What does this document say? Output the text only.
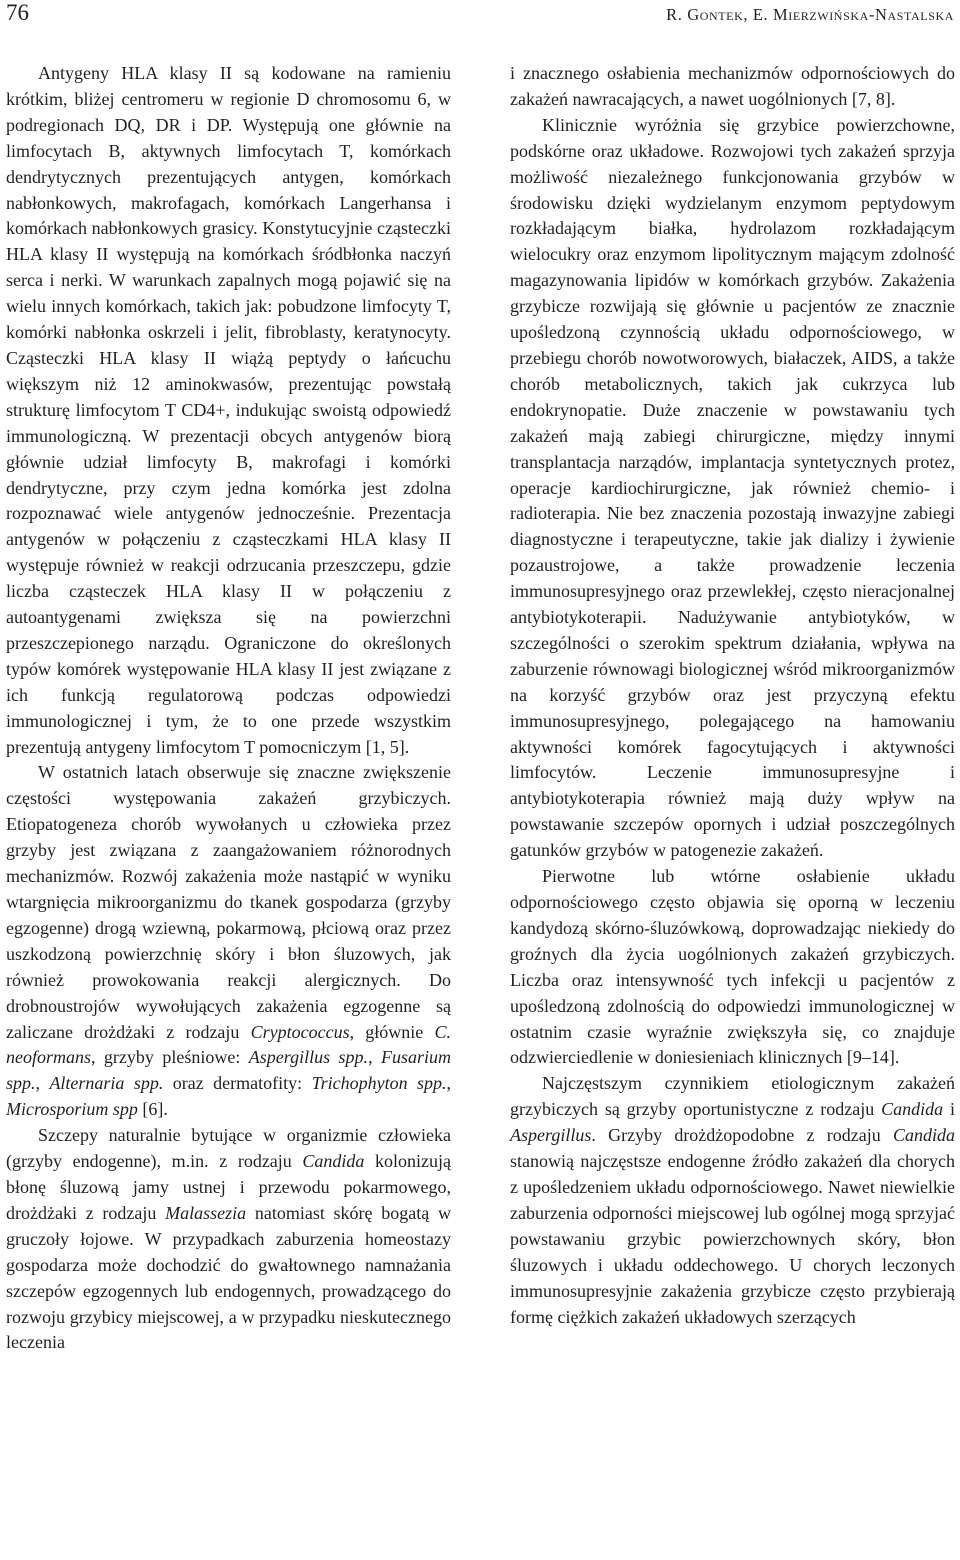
76	R. Gontek, E. Mierzwińska-Nastalska

Antygeny HLA klasy II są kodowane na ramieniu krótkim, bliżej centromeru w regionie D chromosomu 6, w podregionach DQ, DR i DP. Występują one głównie na limfocytach B, aktywnych limfocytach T, komórkach dendrytycznych prezentujących antygen, komórkach nabłonkowych, makrofagach, komórkach Langerhansa i komórkach nabłonkowych grasicy. Konstytucyjnie cząsteczki HLA klasy II występują na komórkach śródbłonka naczyń serca i nerki. W warunkach zapalnych mogą pojawić się na wielu innych komórkach, takich jak: pobudzone limfocyty T, komórki nabłonka oskrzeli i jelit, fibroblasty, keratynocyty. Cząsteczki HLA klasy II wiążą peptydy o łańcuchu większym niż 12 aminokwasów, prezentując powstałą strukturę limfocytom T CD4+, indukując swoistą odpowiedź immunologiczną. W prezentacji obcych antygenów biorą głównie udział limfocyty B, makrofagi i komórki dendrytyczne, przy czym jedna komórka jest zdolna rozpoznawać wiele antygenów jednocześnie. Prezentacja antygenów w połączeniu z cząsteczkami HLA klasy II występuje również w reakcji odrzucania przeszczepu, gdzie liczba cząsteczek HLA klasy II w połączeniu z autoantygenami zwiększa się na powierzchni przeszczepionego narządu. Ograniczone do określonych typów komórek występowanie HLA klasy II jest związane z ich funkcją regulatorową podczas odpowiedzi immunologicznej i tym, że to one przede wszystkim prezentują antygeny limfocytom T pomocniczym [1, 5].

W ostatnich latach obserwuje się znaczne zwiększenie częstości występowania zakażeń grzybiczych. Etiopatogeneza chorób wywołanych u człowieka przez grzyby jest związana z zaangażowaniem różnorodnych mechanizmów. Rozwój zakażenia może nastąpić w wyniku wtargnięcia mikroorganizmu do tkanek gospodarza (grzyby egzogenne) drogą wziewną, pokarmową, płciową oraz przez uszkodzoną powierzchnię skóry i błon śluzowych, jak również prowokowania reakcji alergicznych. Do drobnoustrojów wywołujących zakażenia egzogenne są zaliczane drożdżaki z rodzaju Cryptococcus, głównie C. neoformans, grzyby pleśniowe: Aspergillus spp., Fusarium spp., Alternaria spp. oraz dermatofity: Trichophyton spp., Microsporium spp [6].

Szczepy naturalnie bytujące w organizmie człowieka (grzyby endogenne), m.in. z rodzaju Candida kolonizują błonę śluzową jamy ustnej i przewodu pokarmowego, drożdżaki z rodzaju Malassezia natomiast skórę bogatą w gruczoły łojowe. W przypadkach zaburzenia homeostazy gospodarza może dochodzić do gwałtownego namnażania szczepów egzogennych lub endogennych, prowadzącego do rozwoju grzybicy miejscowej, a w przypadku nieskutecznego leczenia

i znacznego osłabienia mechanizmów odpornościowych do zakażeń nawracających, a nawet uogólnionych [7, 8].

Klinicznie wyróżnia się grzybice powierzchowne, podskórne oraz układowe. Rozwojowi tych zakażeń sprzyja możliwość niezależnego funkcjonowania grzybów w środowisku dzięki wydzielanym enzymom peptydowym rozkładającym białka, hydrolazom rozkładającym wielocukry oraz enzymom lipolitycznym mającym zdolność magazynowania lipidów w komórkach grzybów. Zakażenia grzybicze rozwijają się głównie u pacjentów ze znacznie upośledzoną czynnością układu odpornościowego, w przebiegu chorób nowotworowych, białaczek, AIDS, a także chorób metabolicznych, takich jak cukrzyca lub endokrynopatie. Duże znaczenie w powstawaniu tych zakażeń mają zabiegi chirurgiczne, między innymi transplantacja narządów, implantacja syntetycznych protez, operacje kardiochirurgiczne, jak również chemio- i radioterapia. Nie bez znaczenia pozostają inwazyjne zabiegi diagnostyczne i terapeutyczne, takie jak dializy i żywienie pozaustrojowe, a także prowadzenie leczenia immunosupresyjnego oraz przewlekłej, często nieracjonalnej antybiotykoterapii. Nadużywanie antybiotyków, w szczególności o szerokim spektrum działania, wpływa na zaburzenie równowagi biologicznej wśród mikroorganizmów na korzyść grzybów oraz jest przyczyną efektu immunosupresyjnego, polegającego na hamowaniu aktywności komórek fagocytujących i aktywności limfocytów. Leczenie immunosupresyjne i antybiotykoterapia również mają duży wpływ na powstawanie szczepów opornych i udział poszczególnych gatunków grzybów w patogenezie zakażeń.

Pierwotne lub wtórne osłabienie układu odpornościowego często objawia się oporną w leczeniu kandydozą skórno-śluzówkową, doprowadzając niekiedy do groźnych dla życia uogólnionych zakażeń grzybiczych. Liczba oraz intensywność tych infekcji u pacjentów z upośledzoną zdolnością do odpowiedzi immunologicznej w ostatnim czasie wyraźnie zwiększyła się, co znajduje odzwierciedlenie w doniesieniach klinicznych [9–14].

Najczęstszym czynnikiem etiologicznym zakażeń grzybiczych są grzyby oportunistyczne z rodzaju Candida i Aspergillus. Grzyby drożdżopodobne z rodzaju Candida stanowią najczęstsze endogenne źródło zakażeń dla chorych z upośledzeniem układu odpornościowego. Nawet niewielkie zaburzenia odporności miejscowej lub ogólnej mogą sprzyjać powstawaniu grzybic powierzchownych skóry, błon śluzowych i układu oddechowego. U chorych leczonych immunosupresyjnie zakażenia grzybicze często przybierają formę ciężkich zakażeń układowych szerzących
